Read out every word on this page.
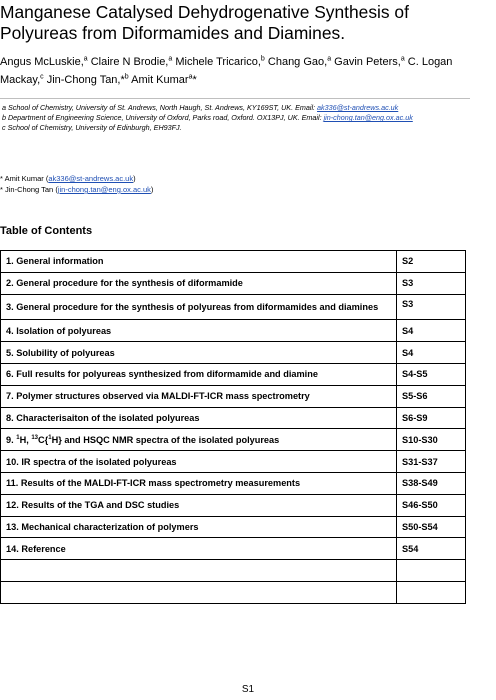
Manganese Catalysed Dehydrogenative Synthesis of Polyureas from Diformamides and Diamines.
Angus McLuskie,$^a$ Claire N Brodie,$^a$ Michele Tricarico,$^b$ Chang Gao,$^a$ Gavin Peters,$^a$ C. Logan Mackay,$^c$ Jin-Chong Tan,*$^b$ Amit Kumar$^a$*

a School of Chemistry, University of St. Andrews, North Haugh, St. Andrews, KY169ST, UK. Email: ak336@st-andrews.ac.uk

b Department of Engineering Science, University of Oxford, Parks road, Oxford. OX13PJ, UK. Email: jin-chong.tan@eng.ox.ac.uk

c School of Chemistry, University of Edinburgh, EH93FJ.

* Amit Kumar (ak336@st-andrews.ac.uk)

* Jin-Chong Tan (jin-chong.tan@eng.ox.ac.uk)

Table of Contents
1. General information	S2
2. General procedure for the synthesis of diformamide	S3
3. General procedure for the synthesis of polyureas from diformamides and diamines	S3
4. Isolation of polyureas	S4
5. Solubility of polyureas	S4
6. Full results for polyureas synthesized from diformamide and diamine	S4-S5
7. Polymer structures observed via MALDI-FT-ICR mass spectrometry	S5-S6
8. Characterisaiton of the isolated polyureas	S6-S9
9. $^1$H, $^{13}$C{$^1$H} and HSQC NMR spectra of the isolated polyureas	S10-S30
10. IR spectra of the isolated polyureas	S31-S37
11. Results of the MALDI-FT-ICR mass spectrometry measurements	S38-S49
12. Results of the TGA and DSC studies	S46-S50
13. Mechanical characterization of polymers	S50-S54
14. Reference	S54

S1
